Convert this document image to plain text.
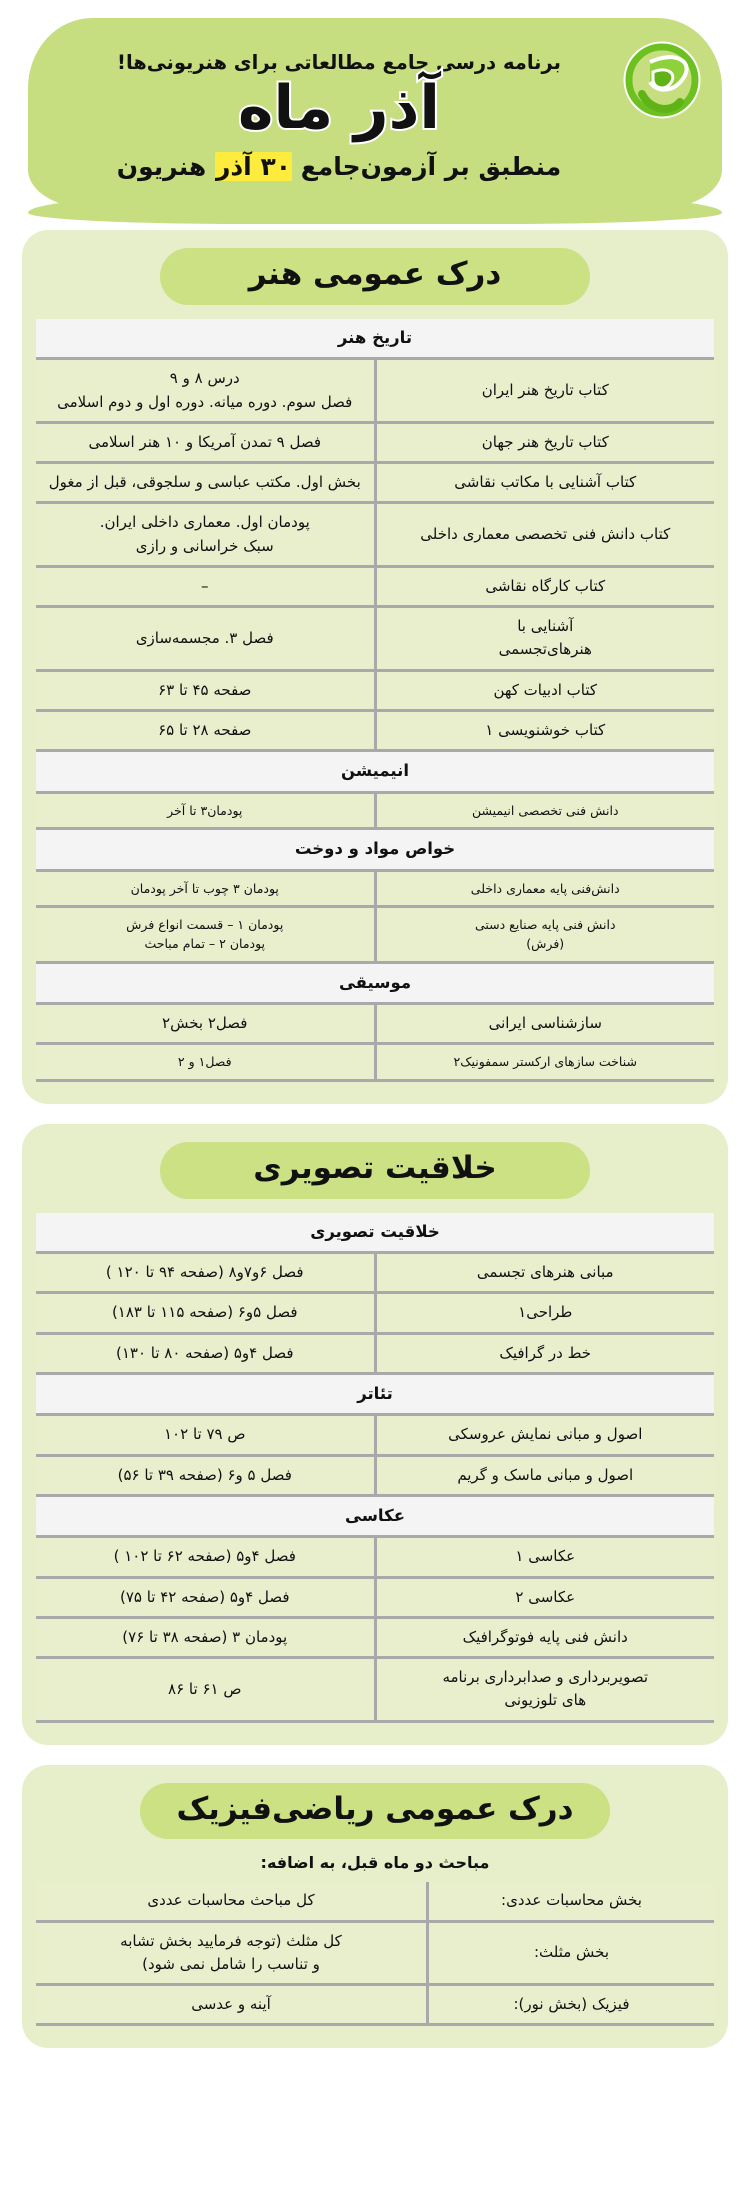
برنامه درسی جامع مطالعاتی برای هنریونی‌ها!
آذر ماه
منطبق بر آزمون‌جامع ۳۰ آذر هنریون
درک عمومی هنر
تاریخ هنر	
کتاب تاریخ هنر ایران	درس ۸ و ۹
فصل سوم. دوره میانه. دوره اول و دوم اسلامی
کتاب تاریخ هنر جهان	فصل ۹ تمدن آمریکا و ۱۰ هنر اسلامی
کتاب آشنایی با مکاتب نقاشی	بخش اول. مکتب عباسی و سلجوقی، قبل از مغول
کتاب دانش فنی تخصصی معماری داخلی	پودمان اول. معماری داخلی ایران.
سبک خراسانی و رازی
کتاب کارگاه نقاشی	–
آشنایی با
هنرهای‌تجسمی	فصل ۳. مجسمه‌سازی
کتاب ادبیات کهن	صفحه ۴۵ تا ۶۳
کتاب خوشنویسی ۱	صفحه ۲۸ تا ۶۵
انیمیشن	
دانش فنی تخصصی انیمیشن	پودمان۳ تا آخر
خواص مواد و دوخت	
دانش‌فنی پایه معماری داخلی	پودمان ۳ چوب تا آخر پودمان
دانش فنی پایه صنایع دستی
(فرش)	پودمان ۱ – قسمت انواع فرش
پودمان ۲ – تمام مباحث
موسیقی	
سازشناسی ایرانی	فصل۲ بخش۲
شناخت سازهای ارکستر سمفونیک۲	فصل۱ و ۲
خلاقیت تصویری
خلاقیت تصویری	
مبانی هنرهای تجسمی	فصل ۶و۷و۸ (صفحه ۹۴ تا ۱۲۰ )
طراحی۱	فصل ۵و۶ (صفحه ۱۱۵ تا ۱۸۳)
خط در گرافیک	فصل ۴و۵ (صفحه ۸۰ تا ۱۳۰)
تئاتر	
اصول و مبانی نمایش عروسکی	ص ۷۹ تا ۱۰۲
اصول و مبانی ماسک و گریم	فصل ۵ و۶ (صفحه ۳۹ تا ۵۶)
عکاسی	
عکاسی ۱	فصل ۴و۵ (صفحه ۶۲ تا ۱۰۲ )
عکاسی ۲	فصل ۴و۵ (صفحه ۴۲ تا ۷۵)
دانش فنی پایه فوتوگرافیک	پودمان ۳ (صفحه ۳۸ تا ۷۶)
تصویربرداری و صدابرداری برنامه
های تلوزیونی	ص ۶۱ تا ۸۶
درک عمومی ریاضی‌فیزیک
مباحث دو ماه قبل، به اضافه:
بخش محاسبات عددی:	کل مباحث محاسبات عددی
بخش مثلث:	کل مثلث (توجه فرمایید بخش تشابه
و تناسب را شامل نمی شود)
فیزیک (بخش نور):	آینه و عدسی
